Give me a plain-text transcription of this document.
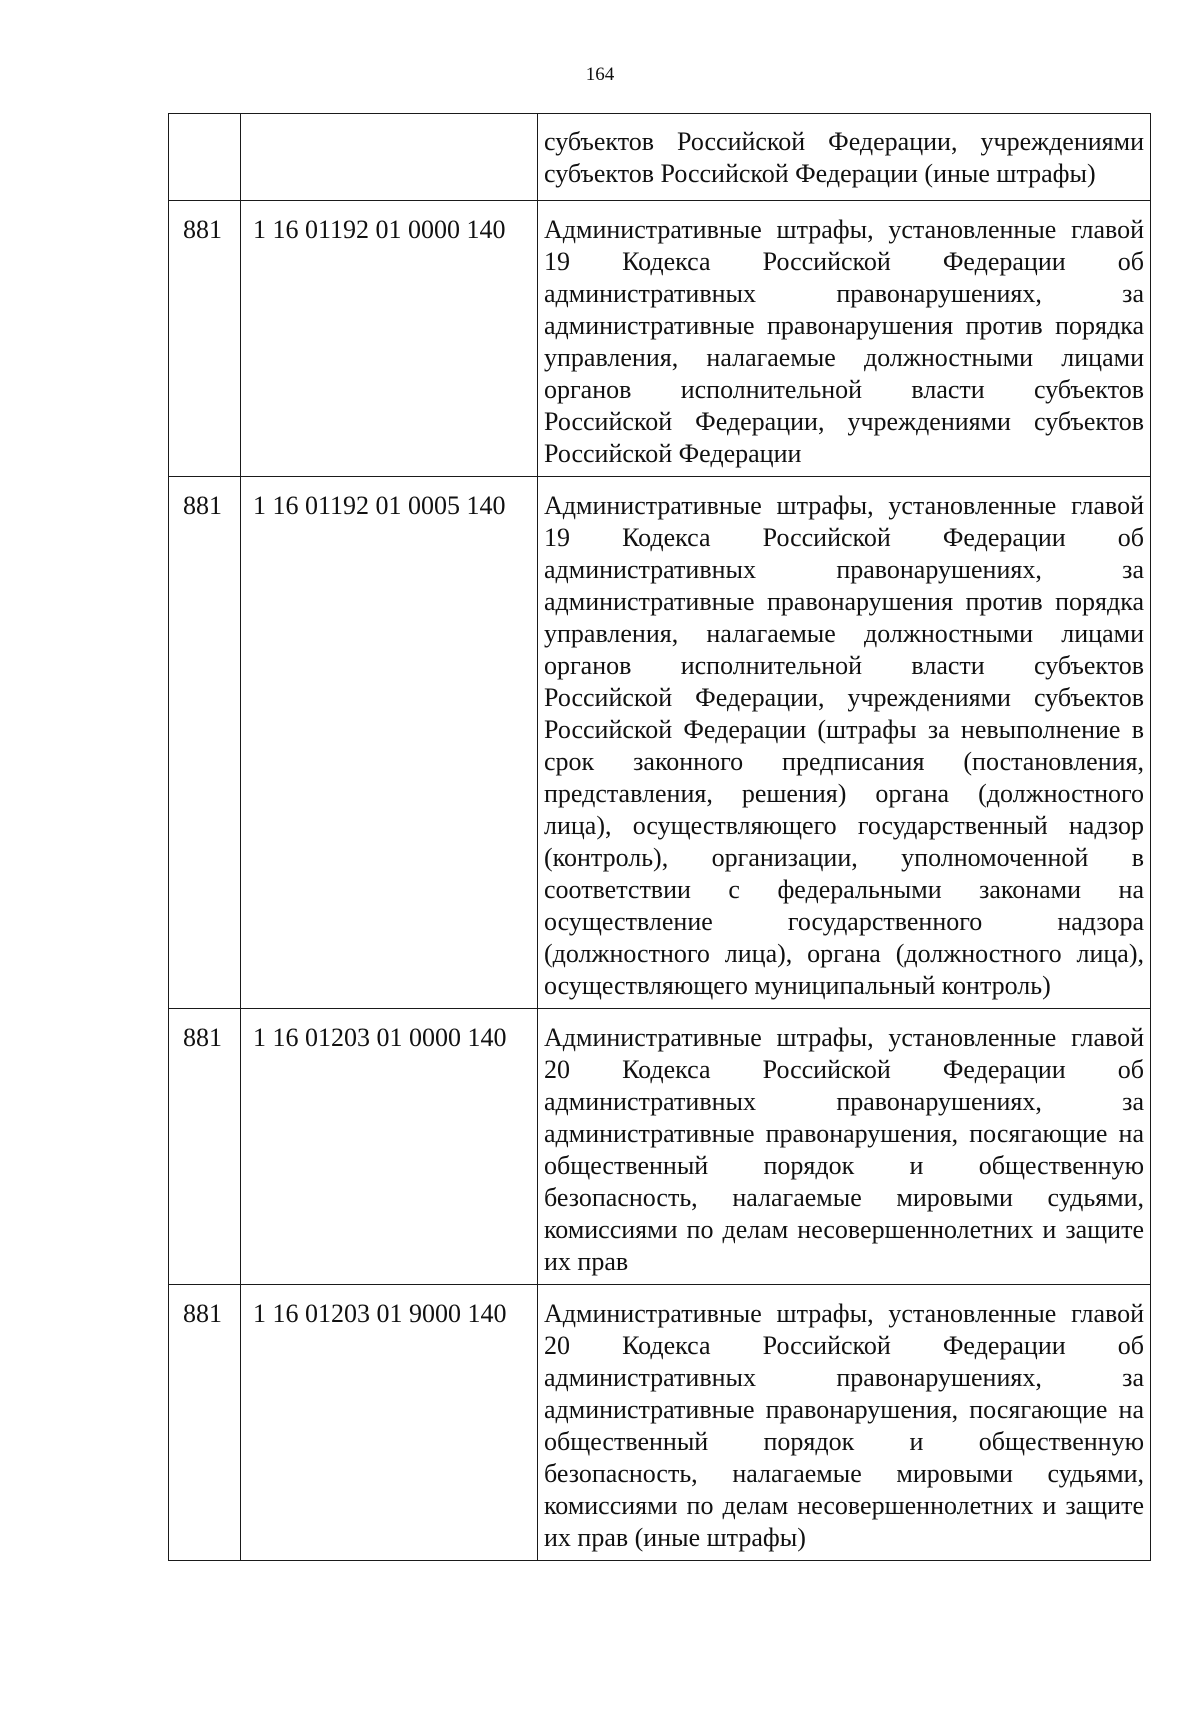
164

		субъектов Российской Федерации, учреждениями субъектов Российской Федерации (иные штрафы)

881	1 16 01192 01 0000 140	Административные штрафы, установленные главой 19 Кодекса Российской Федерации об административных правонарушениях, за административные правонарушения против порядка управления, налагаемые должностными лицами органов исполнительной власти субъектов Российской Федерации, учреждениями субъектов Российской Федерации

881	1 16 01192 01 0005 140	Административные штрафы, установленные главой 19 Кодекса Российской Федерации об административных правонарушениях, за административные правонарушения против порядка управления, налагаемые должностными лицами органов исполнительной власти субъектов Российской Федерации, учреждениями субъектов Российской Федерации (штрафы за невыполнение в срок законного предписания (постановления, представления, решения) органа (должностного лица), осуществляющего государственный надзор (контроль), организации, уполномоченной в соответствии с федеральными законами на осуществление государственного надзора (должностного лица), органа (должностного лица), осуществляющего муниципальный контроль)

881	1 16 01203 01 0000 140	Административные штрафы, установленные главой 20 Кодекса Российской Федерации об административных правонарушениях, за административные правонарушения, посягающие на общественный порядок и общественную безопасность, налагаемые мировыми судьями, комиссиями по делам несовершеннолетних и защите их прав

881	1 16 01203 01 9000 140	Административные штрафы, установленные главой 20 Кодекса Российской Федерации об административных правонарушениях, за административные правонарушения, посягающие на общественный порядок и общественную безопасность, налагаемые мировыми судьями, комиссиями по делам несовершеннолетних и защите их прав (иные штрафы)
